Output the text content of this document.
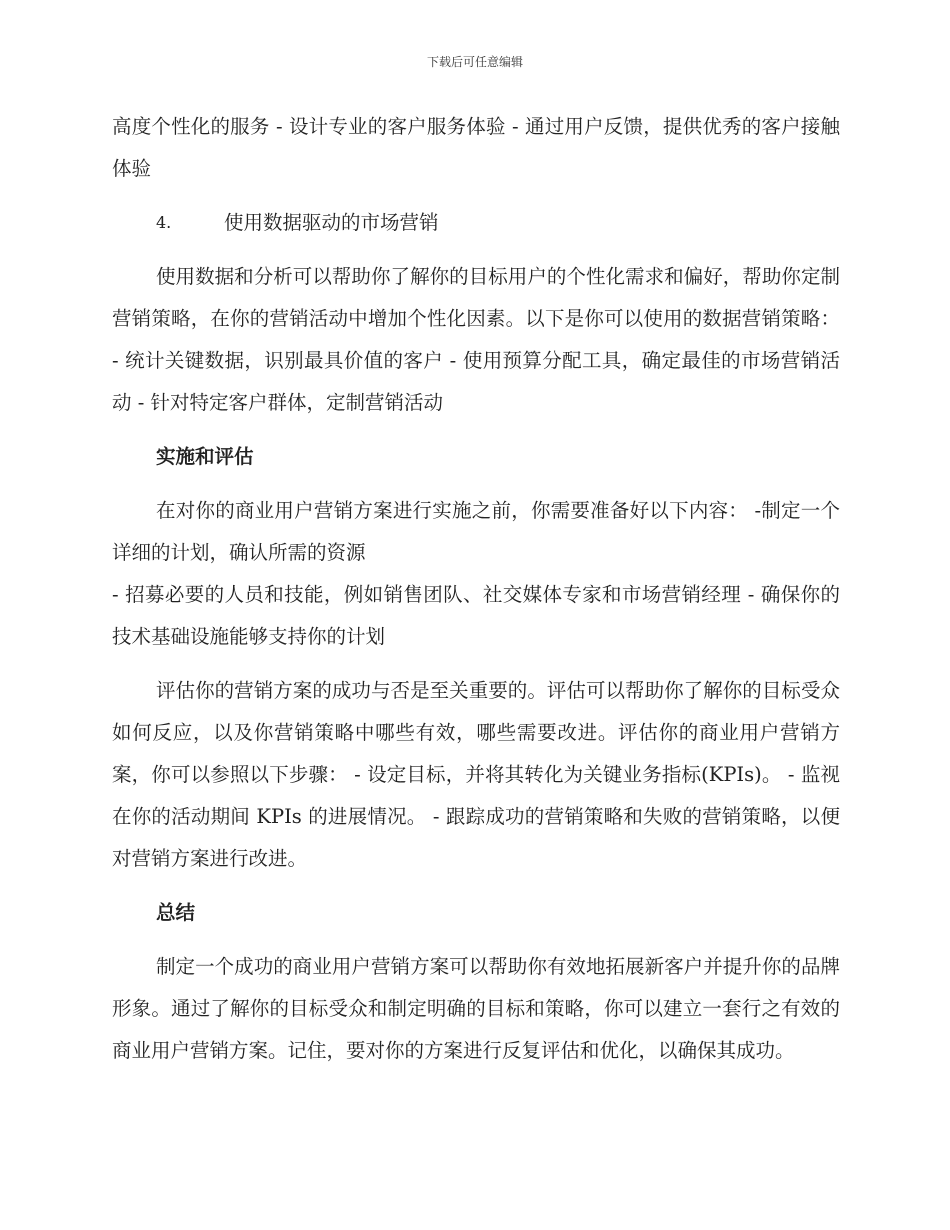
下载后可任意编辑

高度个性化的服务 - 设计专业的客户服务体验 - 通过用户反馈，提供优秀的客户接触体验

4.	使用数据驱动的市场营销

使用数据和分析可以帮助你了解你的目标用户的个性化需求和偏好，帮助你定制营销策略，在你的营销活动中增加个性化因素。以下是你可以使用的数据营销策略： - 统计关键数据，识别最具价值的客户 - 使用预算分配工具，确定最佳的市场营销活动 - 针对特定客户群体，定制营销活动

实施和评估

在对你的商业用户营销方案进行实施之前，你需要准备好以下内容： -制定一个详细的计划，确认所需的资源

- 招募必要的人员和技能，例如销售团队、社交媒体专家和市场营销经理 - 确保你的技术基础设施能够支持你的计划

评估你的营销方案的成功与否是至关重要的。评估可以帮助你了解你的目标受众如何反应，以及你营销策略中哪些有效，哪些需要改进。评估你的商业用户营销方案，你可以参照以下步骤： - 设定目标，并将其转化为关键业务指标(KPIs)。 - 监视在你的活动期间 KPIs 的进展情况。 - 跟踪成功的营销策略和失败的营销策略，以便对营销方案进行改进。

总结

制定一个成功的商业用户营销方案可以帮助你有效地拓展新客户并提升你的品牌形象。通过了解你的目标受众和制定明确的目标和策略，你可以建立一套行之有效的商业用户营销方案。记住，要对你的方案进行反复评估和优化，以确保其成功。
